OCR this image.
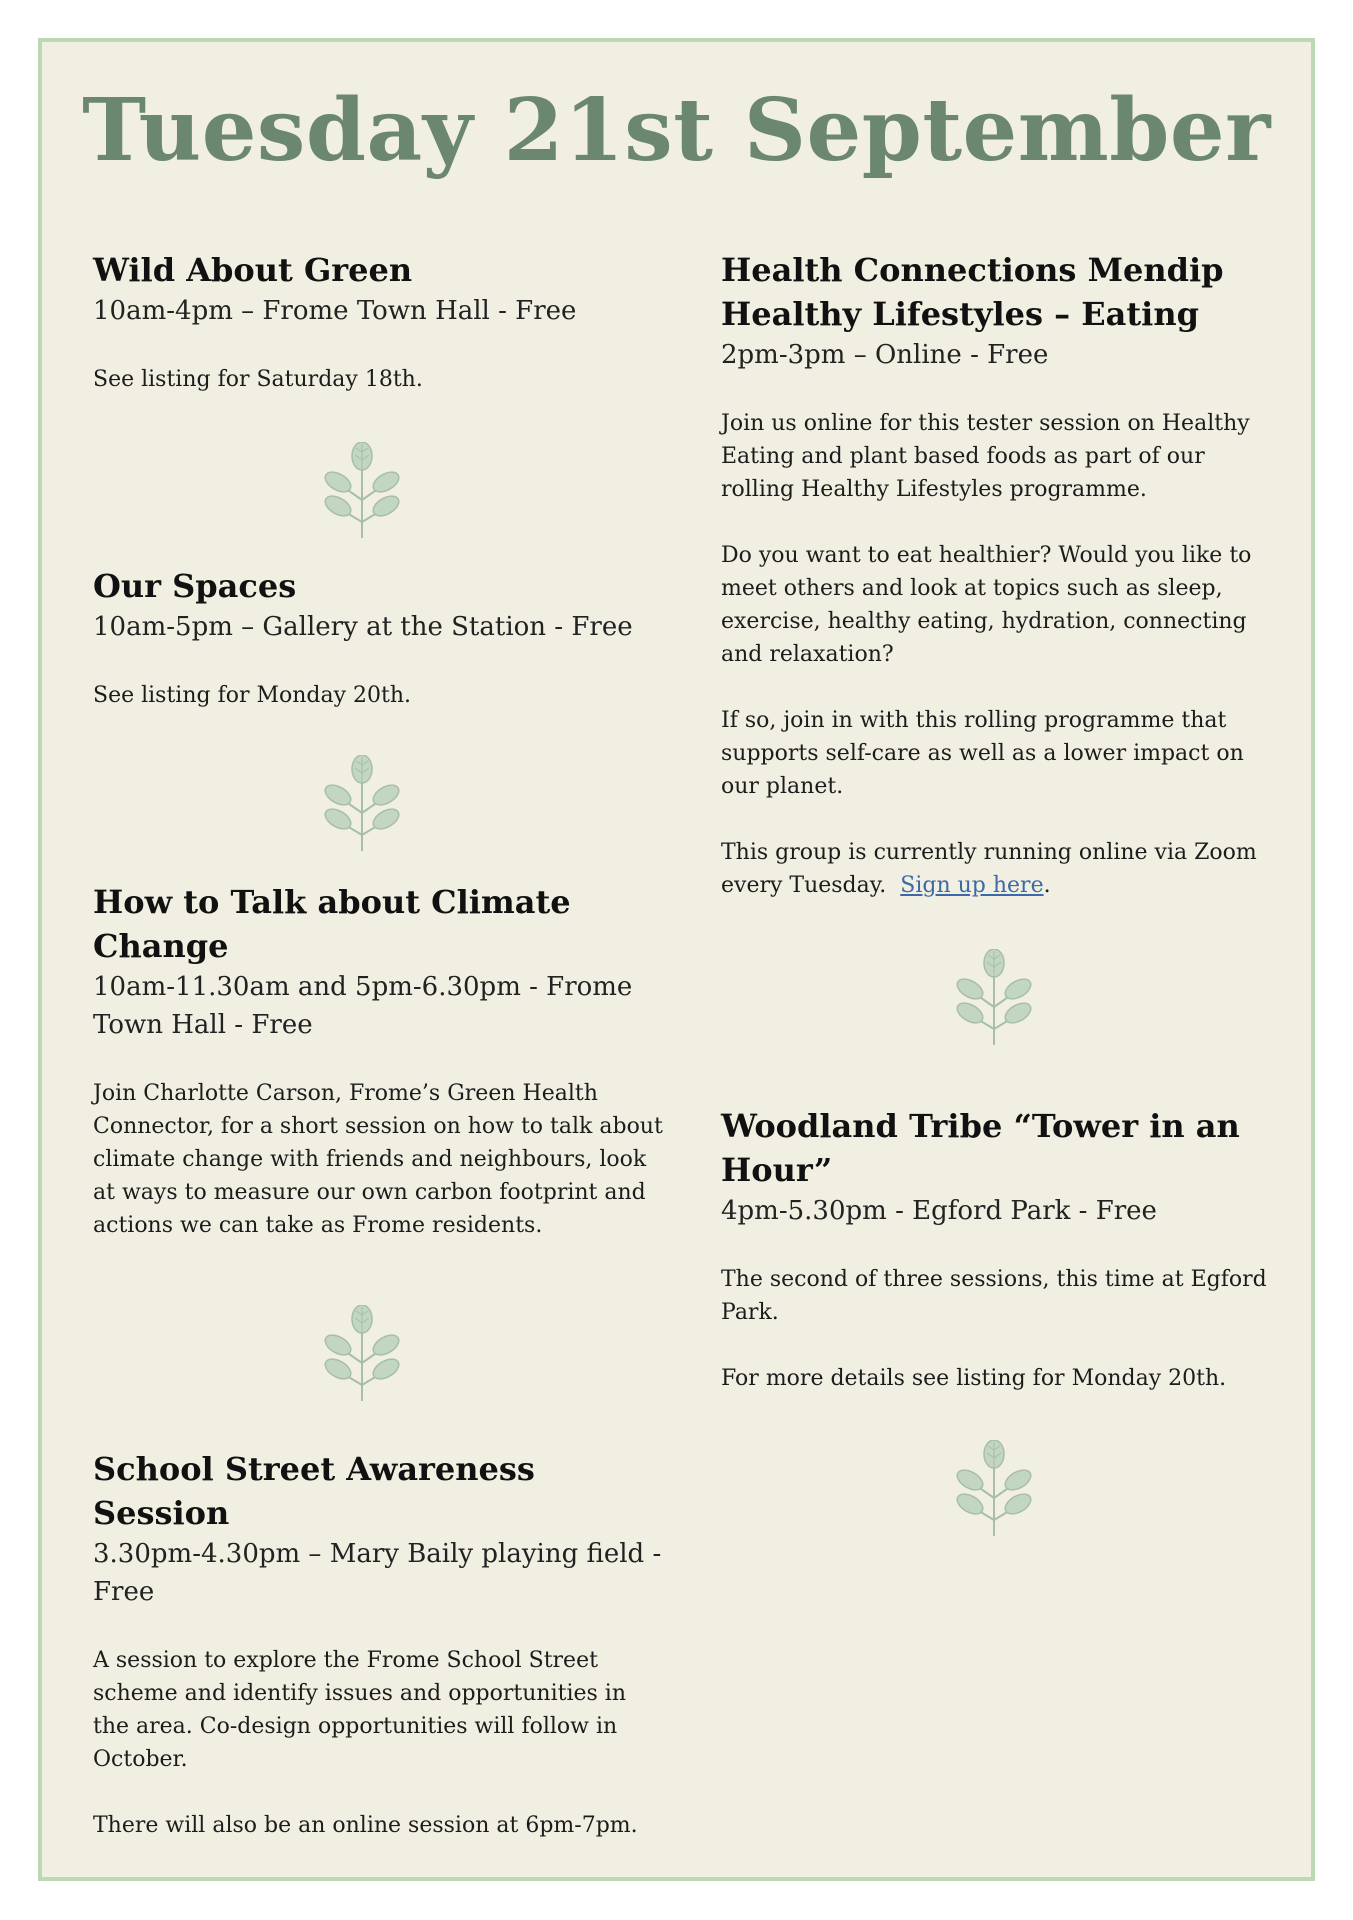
Tuesday 21st September
Wild About Green
10am-4pm – Frome Town Hall - Free

See listing for Saturday 18th.

Our Spaces
10am-5pm – Gallery at the Station - Free

See listing for Monday 20th.

How to Talk about Climate Change
10am-11.30am and 5pm-6.30pm - Frome Town Hall - Free

Join Charlotte Carson, Frome’s Green Health Connector, for a short session on how to talk about climate change with friends and neighbours, look at ways to measure our own carbon footprint and actions we can take as Frome residents.

School Street Awareness Session
3.30pm-4.30pm – Mary Baily playing field - Free

A session to explore the Frome School Street scheme and identify issues and opportunities in the area. Co-design opportunities will follow in October.

There will also be an online session at 6pm-7pm.

Health Connections Mendip Healthy Lifestyles – Eating
2pm-3pm – Online - Free

Join us online for this tester session on Healthy Eating and plant based foods as part of our rolling Healthy Lifestyles programme.

Do you want to eat healthier? Would you like to meet others and look at topics such as sleep, exercise, healthy eating, hydration, connecting and relaxation?

If so, join in with this rolling programme that supports self-care as well as a lower impact on our planet.

This group is currently running online via Zoom every Tuesday. Sign up here.

Woodland Tribe “Tower in an Hour”
4pm-5.30pm - Egford Park - Free

The second of three sessions, this time at Egford Park.

For more details see listing for Monday 20th.
